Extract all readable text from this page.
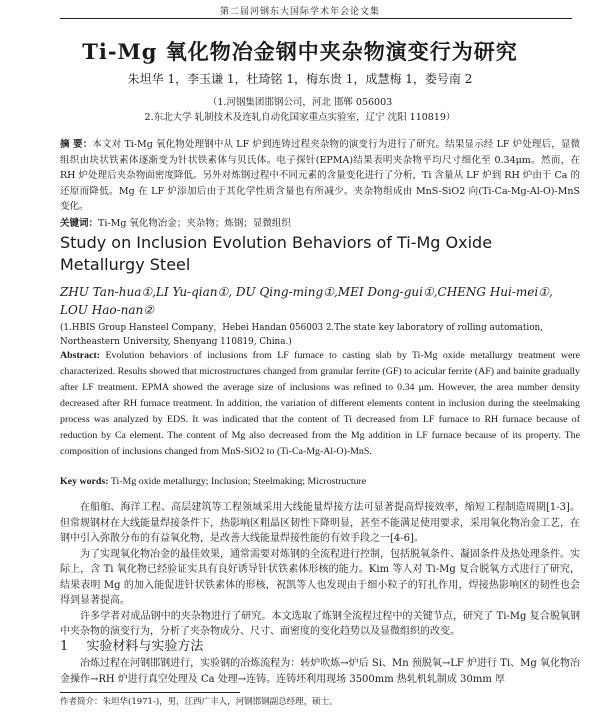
第二届河钢东大国际学术年会论文集
Ti-Mg 氧化物冶金钢中夹杂物演变行为研究
朱坦华 1，李玉谦 1，杜琦铭 1，梅东贵 1，成慧梅 1，娄号南 2
（1.河钢集团邯钢公司，河北 邯郸 056003
2.东北大学 轧制技术及连轧自动化国家重点实验室，辽宁 沈阳 110819）
摘 要：本文对 Ti-Mg 氧化物处理钢中从 LF 炉到连铸过程夹杂物的演变行为进行了研究。结果显示经 LF 炉处理后，显微组织由块状铁素体逐渐变为针状铁素体与贝氏体。电子探针(EPMA)结果表明夹杂物平均尺寸细化至 0.34μm。然而，在 RH 炉处理后夹杂物面密度降低。另外对炼钢过程中不同元素的含量变化进行了分析，Ti 含量从 LF 炉到 RH 炉由于 Ca 的还原而降低。Mg 在 LF 炉添加后由于其化学性质含量也有所减少。夹杂物组成由 MnS-SiO2 向(Ti-Ca-Mg-Al-O)-MnS 变化。
关键词：Ti-Mg 氧化物冶金；夹杂物；炼钢；显微组织
Study on Inclusion Evolution Behaviors of Ti-Mg Oxide Metallurgy Steel
ZHU Tan-hua①,LI Yu-qian①, DU Qing-ming①,MEI Dong-gui①,CHENG Hui-mei①, LOU Hao-nan②
(1.HBIS Group Hansteel Company，Hebei Handan 056003 2.The state key laboratory of rolling automation, Northeastern University, Shenyang 110819, China.)
Abstract: Evolution behaviors of inclusions from LF furnace to casting slab by Ti-Mg oxide metallurgy treatment were characterized. Results showed that microstructures changed from granular ferrite (GF) to acicular ferrite (AF) and bainite gradually after LF treatment. EPMA showed the average size of inclusions was refined to 0.34 μm. However, the area number density decreased after RH furnace treatment. In addition, the variation of different elements content in inclusion during the steelmaking process was analyzed by EDS. It was indicated that the content of Ti decreased from LF furnace to RH furnace because of reduction by Ca element. The content of Mg also decreased from the Mg addition in LF furnace because of its property. The composition of inclusions changed from MnS-SiO2 to (Ti-Ca-Mg-Al-O)-MnS.
Key words: Ti-Mg oxide metallurgy; Inclusion; Steelmaking; Microstructure

在船舶、海洋工程、高层建筑等工程领域采用大线能量焊接方法可显著提高焊接效率，缩短工程制造周期[1-3]。但常规钢材在大线能量焊接条件下，热影响区粗晶区韧性下降明显，甚至不能满足使用要求，采用氧化物冶金工艺，在钢中引入弥散分布的有益氧化物，是改善大线能量焊接性能的有效手段之一[4-6]。

为了实现氧化物冶金的最佳效果，通常需要对炼钢的全流程进行控制，包括脱氧条件、凝固条件及热处理条件。实际上，含 Ti 氧化物已经验证实具有良好诱导针状铁素体形核的能力。Kim 等人对 Ti-Mg 复合脱氧方式进行了研究，结果表明 Mg 的加入能促进针状铁素体的形核，祝凯等人也发现由于细小粒子的钉扎作用，焊接热影响区的韧性也会得到显著提高。

许多学者对成品钢中的夹杂物进行了研究。本文选取了炼钢全流程过程中的关键节点，研究了 Ti-Mg 复合脱氧钢中夹杂物的演变行为，分析了夹杂物成分、尺寸、面密度的变化趋势以及显微组织的改变。

1 实验材料与实验方法

冶炼过程在河钢邯钢进行，实验钢的冶炼流程为：转炉吹炼→炉后 Si、Mn 预脱氧→LF 炉进行 Ti、Mg 氧化物冶金操作→RH 炉进行真空处理及 Ca 处理→连铸。连铸坯利用现场 3500mm 热轧机轧制成 30mm 厚

作者简介：朱坦华(1971-)，男，江西广丰人，河钢邯钢副总经理，硕士。
